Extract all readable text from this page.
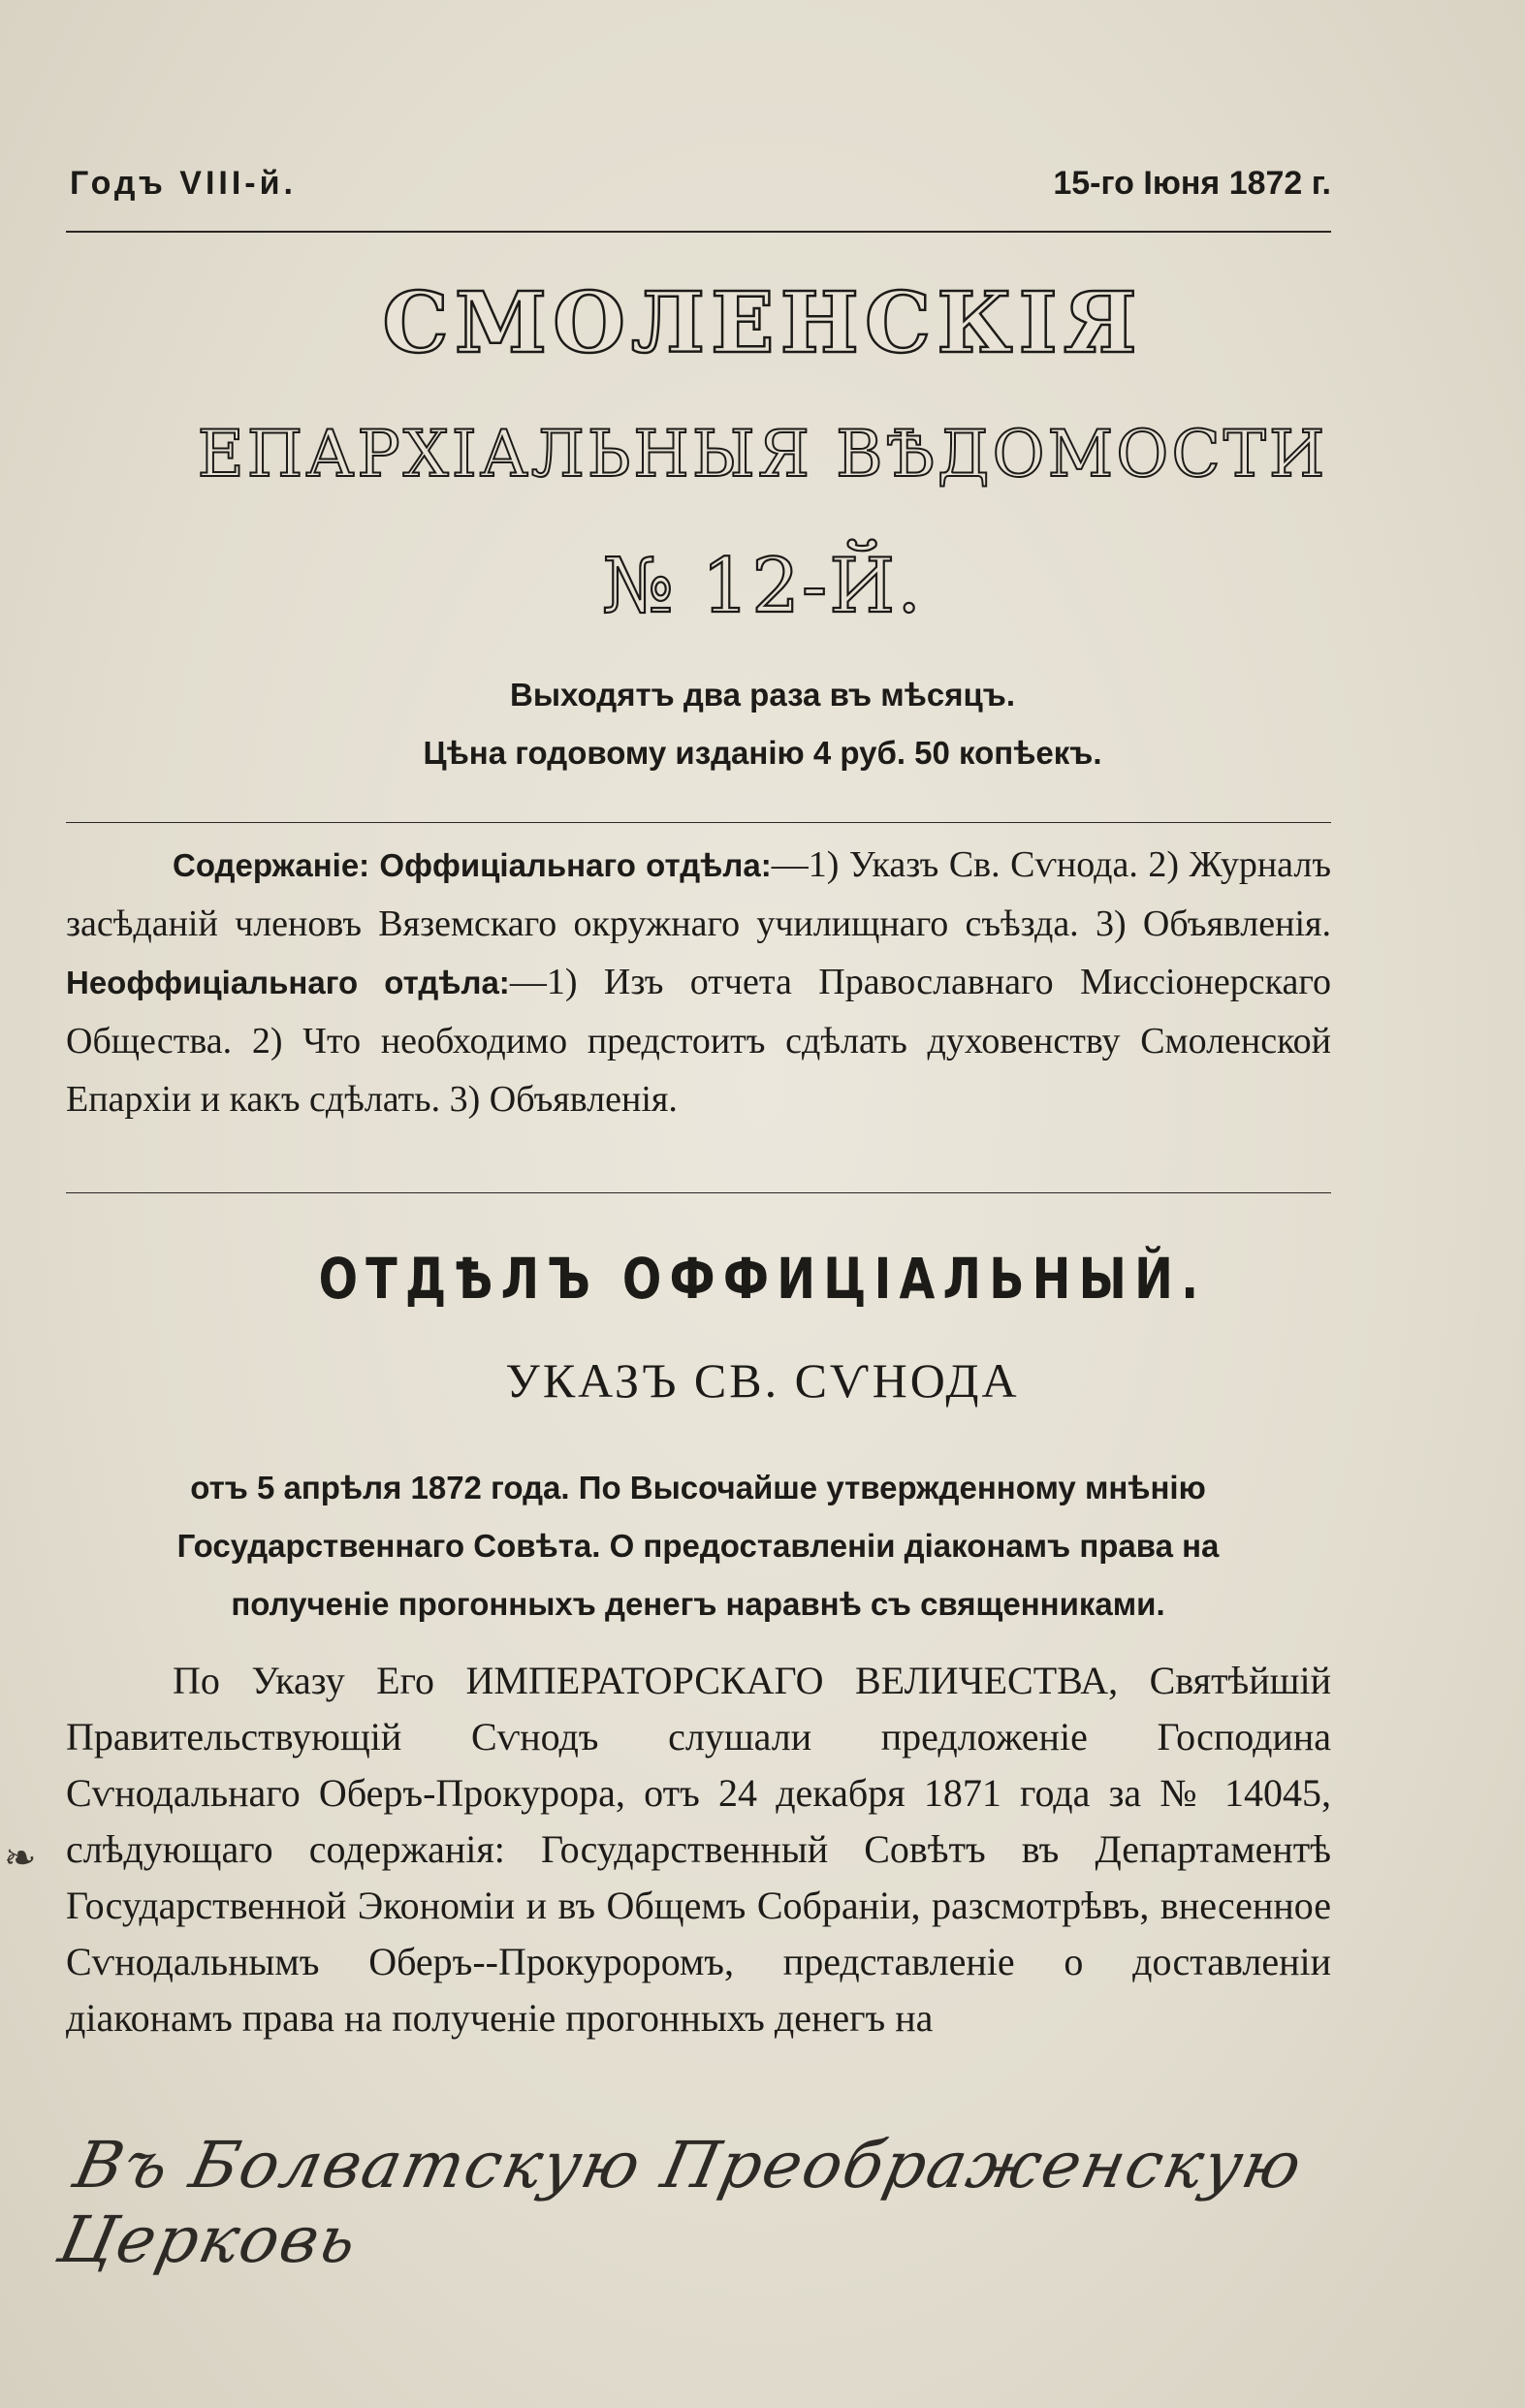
Годъ VIII-й.	15-го Іюня 1872 г.
СМОЛЕНСКІЯ
ЕПАРХІАЛЬНЫЯ ВѢДОМОСТИ
№ 12-Й.
Выходятъ два раза въ мѣсяцъ.
Цѣна годовому изданію 4 руб. 50 копѣекъ.
Содержаніе: Оффиціальнаго отдѣла:—1) Указъ Св. Сѵнода. 2) Журналъ засѣданій членовъ Вяземскаго окружнаго училищнаго съѣзда. 3) Объявленія. Неоффиціальнаго отдѣла:—1) Изъ отчета Православнаго Миссіонерскаго Общества. 2) Что необходимо предстоитъ сдѣлать духовенству Смоленской Епархіи и какъ сдѣлать. 3) Объявленія.
ОТДѢЛЪ ОФФИЦІАЛЬНЫЙ.
УКАЗЪ СВ. СѴНОДА
отъ 5 апрѣля 1872 года. По Высочайше утвержденному мнѣнію Государственнаго Совѣта. О предоставленіи діаконамъ права на полученіе прогонныхъ денегъ наравнѣ съ священниками.
По Указу Его ИМПЕРАТОРСКАГО ВЕЛИЧЕСТВА, Святѣйшій Правительствующій Сѵнодъ слушали предложеніе Господина Сѵнодальнаго Оберъ-Прокурора, отъ 24 декабря 1871 года за № 14045, слѣдующаго содержанія: Государственный Совѣтъ въ Департаментѣ Государственной Экономіи и въ Общемъ Собраніи, разсмотрѣвъ, внесенное Сѵнодальнымъ Оберъ--Прокуроромъ, представленіе о доставленіи діаконамъ права на полученіе прогонныхъ денегъ на
❧
Въ Болватскую Преображенскую Церковь
